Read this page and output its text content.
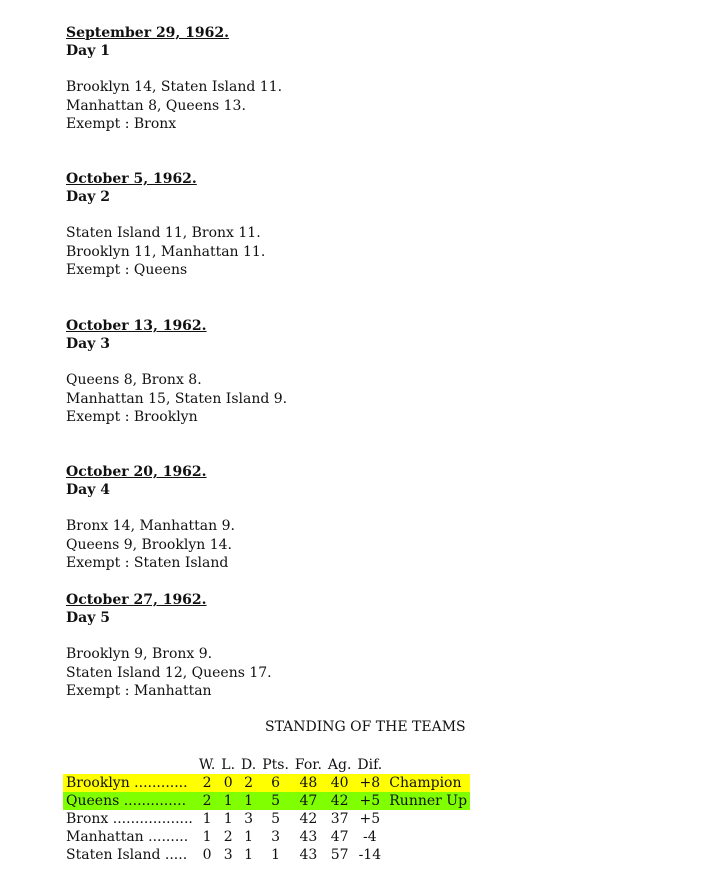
September 29, 1962.
Day 1
Brooklyn 14, Staten Island 11.
Manhattan 8, Queens 13.
Exempt : Bronx
October 5, 1962.
Day 2
Staten Island 11, Bronx 11.
Brooklyn 11, Manhattan 11.
Exempt : Queens
October 13, 1962.
Day 3
Queens 8, Bronx 8.
Manhattan 15, Staten Island 9.
Exempt : Brooklyn
October 20, 1962.
Day 4
Bronx 14, Manhattan 9.
Queens 9, Brooklyn 14.
Exempt : Staten Island
October 27, 1962.
Day 5
Brooklyn 9, Bronx 9.
Staten Island 12, Queens 17.
Exempt : Manhattan
STANDING OF THE TEAMS
	W.	L.	D.	Pts.	For.	Ag.	Dif.	
Brooklyn ............	2	0	2	6	48	40	+8	Champion
Queens ..............	2	1	1	5	47	42	+5	Runner Up
Bronx ..................	1	1	3	5	42	37	+5	
Manhattan .........	1	2	1	3	43	47	-4	
Staten Island .....	0	3	1	1	43	57	-14	
